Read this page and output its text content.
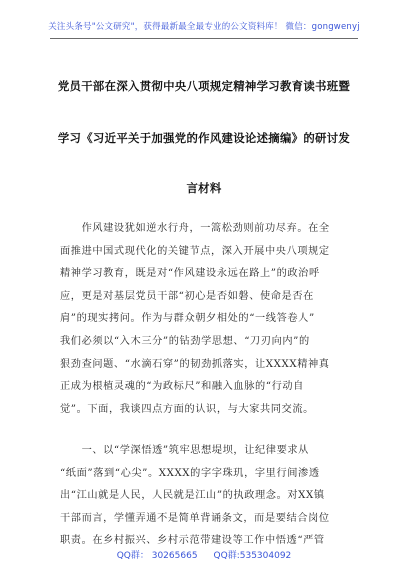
关注头条号"公文研究"，获得最新最全最专业的公文资料库！ 微信：gongwenyj
党员干部在深入贯彻中央八项规定精神学习教育读书班暨
学习《习近平关于加强党的作风建设论述摘编》的研讨发
言材料
　　作风建设犹如逆水行舟，一篙松劲则前功尽弃。在全
面推进中国式现代化的关键节点，深入开展中央八项规定
精神学习教育，既是对“作风建设永远在路上”的政治呼
应，更是对基层党员干部“初心是否如磐、使命是否在
肩”的现实拷问。作为与群众朝夕相处的“一线答卷人”
我们必须以“入木三分”的钻劲学思想、“刀刃向内”的
狠劲查问题、“水滴石穿”的韧劲抓落实，让XXXX精神真
正成为根植灵魂的“为政标尺”和融入血脉的“行动自
觉”。下面，我谈四点方面的认识，与大家共同交流。
　　一、以“学深悟透”筑牢思想堤坝，让纪律要求从
“纸面”落到“心尖”。XXXX的字字珠玑，字里行间渗透
出“江山就是人民，人民就是江山”的执政理念。对XX镇
干部而言，学懂弄通不是简单背诵条文，而是要结合岗位
职责。在乡村振兴、乡村示范带建设等工作中悟透“严管
QQ群： 30265665 QQ群:535304092
